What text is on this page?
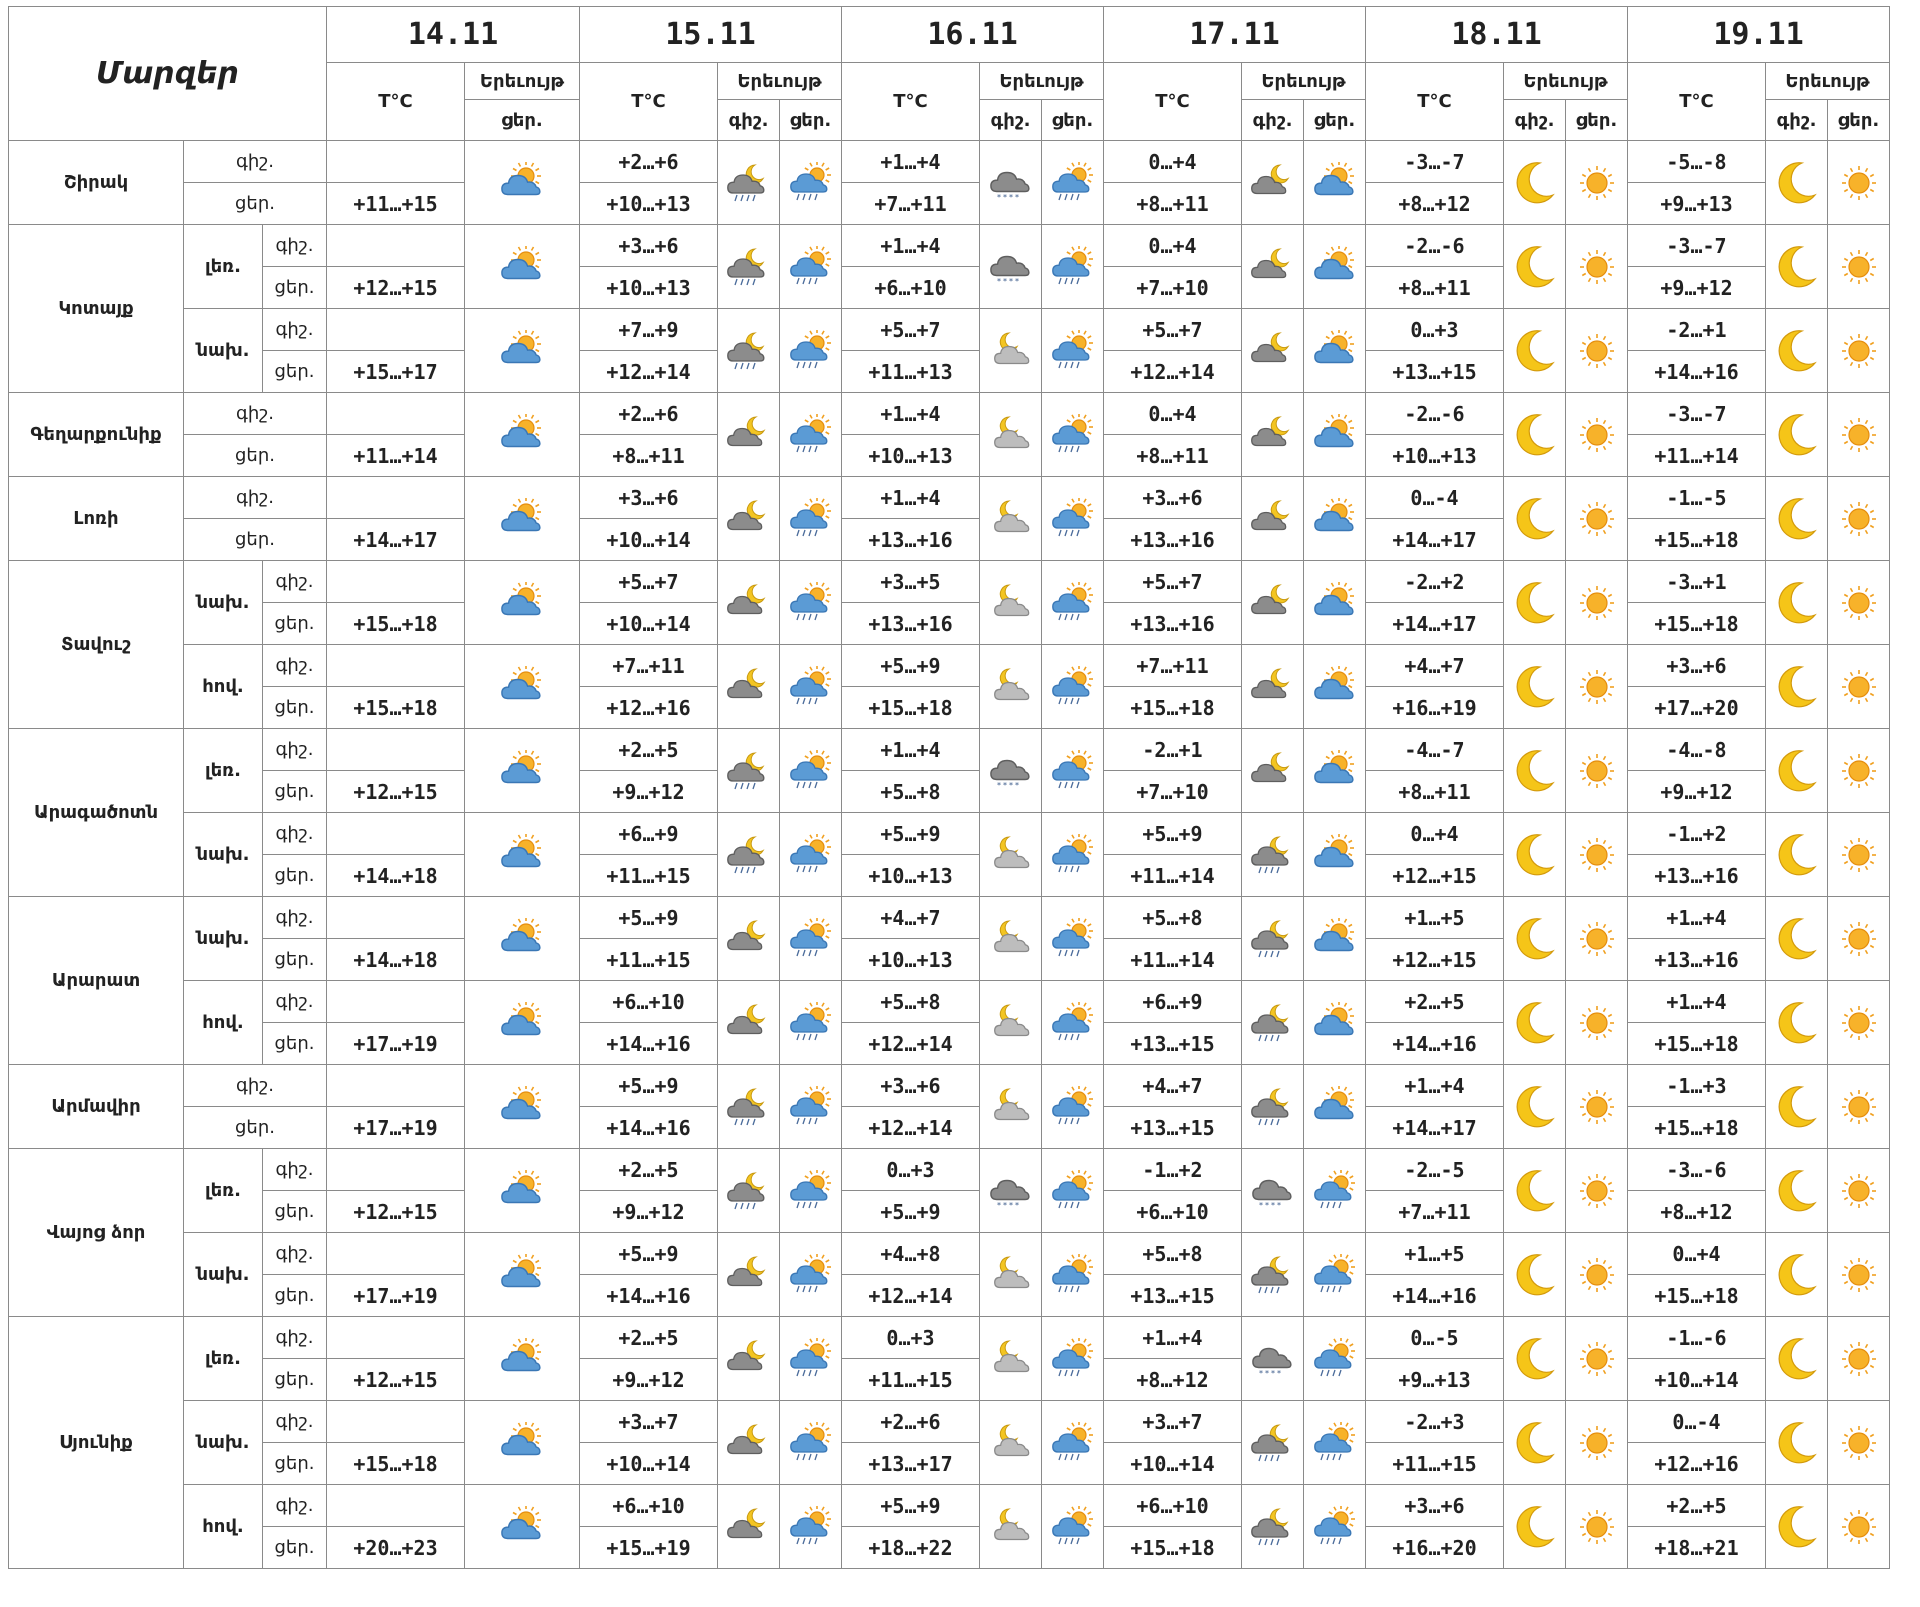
Մարզեր			14.11		15.11			16.11			17.11			18.11			19.11		
			T°C	Երեւույթ	T°C	Երեւույթ		T°C	Երեւույթ		T°C	Երեւույթ		T°C	Երեւույթ		T°C	Երեւույթ	
				ցեր.		գիշ.	ցեր.		գիշ.	ցեր.		գիշ.	ցեր.		գիշ.	ցեր.		գիշ.	ցեր.
Շիրակ	գիշ.				+2…+6			+1…+4	* * * *		0…+4			-3…-7			-5…-8	

	ցեր.		+11…+15		+10…+13			+7…+11			+8…+11			+8…+12			+9…+13		
Կոտայք	լեռ.	գիշ.			+3…+6			+1…+4	* * * *		0…+4			-2…-6			-3…-7	

		ցեր.	+12…+15		+10…+13			+6…+10			+7…+10			+8…+11			+9…+12		
	նախ.	գիշ.			+7…+9			+5…+7			+5…+7			0…+3			-2…+1	

		ցեր.	+15…+17		+12…+14			+11…+13			+12…+14			+13…+15			+14…+16		
Գեղարքունիք	գիշ.				+2…+6			+1…+4			0…+4			-2…-6			-3…-7	

	ցեր.		+11…+14		+8…+11			+10…+13			+8…+11			+10…+13			+11…+14		
Լոռի	գիշ.				+3…+6			+1…+4			+3…+6			0…-4			-1…-5	

	ցեր.		+14…+17		+10…+14			+13…+16			+13…+16			+14…+17			+15…+18		
Տավուշ	նախ.	գիշ.			+5…+7			+3…+5			+5…+7			-2…+2			-3…+1	

		ցեր.	+15…+18		+10…+14			+13…+16			+13…+16			+14…+17			+15…+18		
	հով.	գիշ.			+7…+11			+5…+9			+7…+11			+4…+7			+3…+6	

		ցեր.	+15…+18		+12…+16			+15…+18			+15…+18			+16…+19			+17…+20		
Արագածոտն	լեռ.	գիշ.			+2…+5			+1…+4	* * * *		-2…+1			-4…-7			-4…-8	

		ցեր.	+12…+15		+9…+12			+5…+8			+7…+10			+8…+11			+9…+12		
	նախ.	գիշ.			+6…+9			+5…+9			+5…+9			0…+4			-1…+2	

		ցեր.	+14…+18		+11…+15			+10…+13			+11…+14			+12…+15			+13…+16		
Արարատ	նախ.	գիշ.			+5…+9			+4…+7			+5…+8			+1…+5			+1…+4	

		ցեր.	+14…+18		+11…+15			+10…+13			+11…+14			+12…+15			+13…+16		
	հով.	գիշ.			+6…+10			+5…+8			+6…+9			+2…+5			+1…+4	

		ցեր.	+17…+19		+14…+16			+12…+14			+13…+15			+14…+16			+15…+18		
Արմավիր	գիշ.				+5…+9			+3…+6			+4…+7			+1…+4			-1…+3	

	ցեր.		+17…+19		+14…+16			+12…+14			+13…+15			+14…+17			+15…+18		
Վայոց ձոր	լեռ.	գիշ.			+2…+5			0…+3	* * * *		-1…+2	* * * *		-2…-5			-3…-6	

		ցեր.	+12…+15		+9…+12			+5…+9			+6…+10			+7…+11			+8…+12		
	նախ.	գիշ.			+5…+9			+4…+8			+5…+8			+1…+5			0…+4	

		ցեր.	+17…+19		+14…+16			+12…+14			+13…+15			+14…+16			+15…+18		
Սյունիք	լեռ.	գիշ.			+2…+5			0…+3			+1…+4	* * * *		0…-5			-1…-6	

		ցեր.	+12…+15		+9…+12			+11…+15			+8…+12			+9…+13			+10…+14		
	նախ.	գիշ.			+3…+7			+2…+6			+3…+7			-2…+3			0…-4	

		ցեր.	+15…+18		+10…+14			+13…+17			+10…+14			+11…+15			+12…+16		
	հով.	գիշ.			+6…+10			+5…+9			+6…+10			+3…+6			+2…+5	

		ցեր.	+20…+23		+15…+19			+18…+22			+15…+18			+16…+20			+18…+21		
